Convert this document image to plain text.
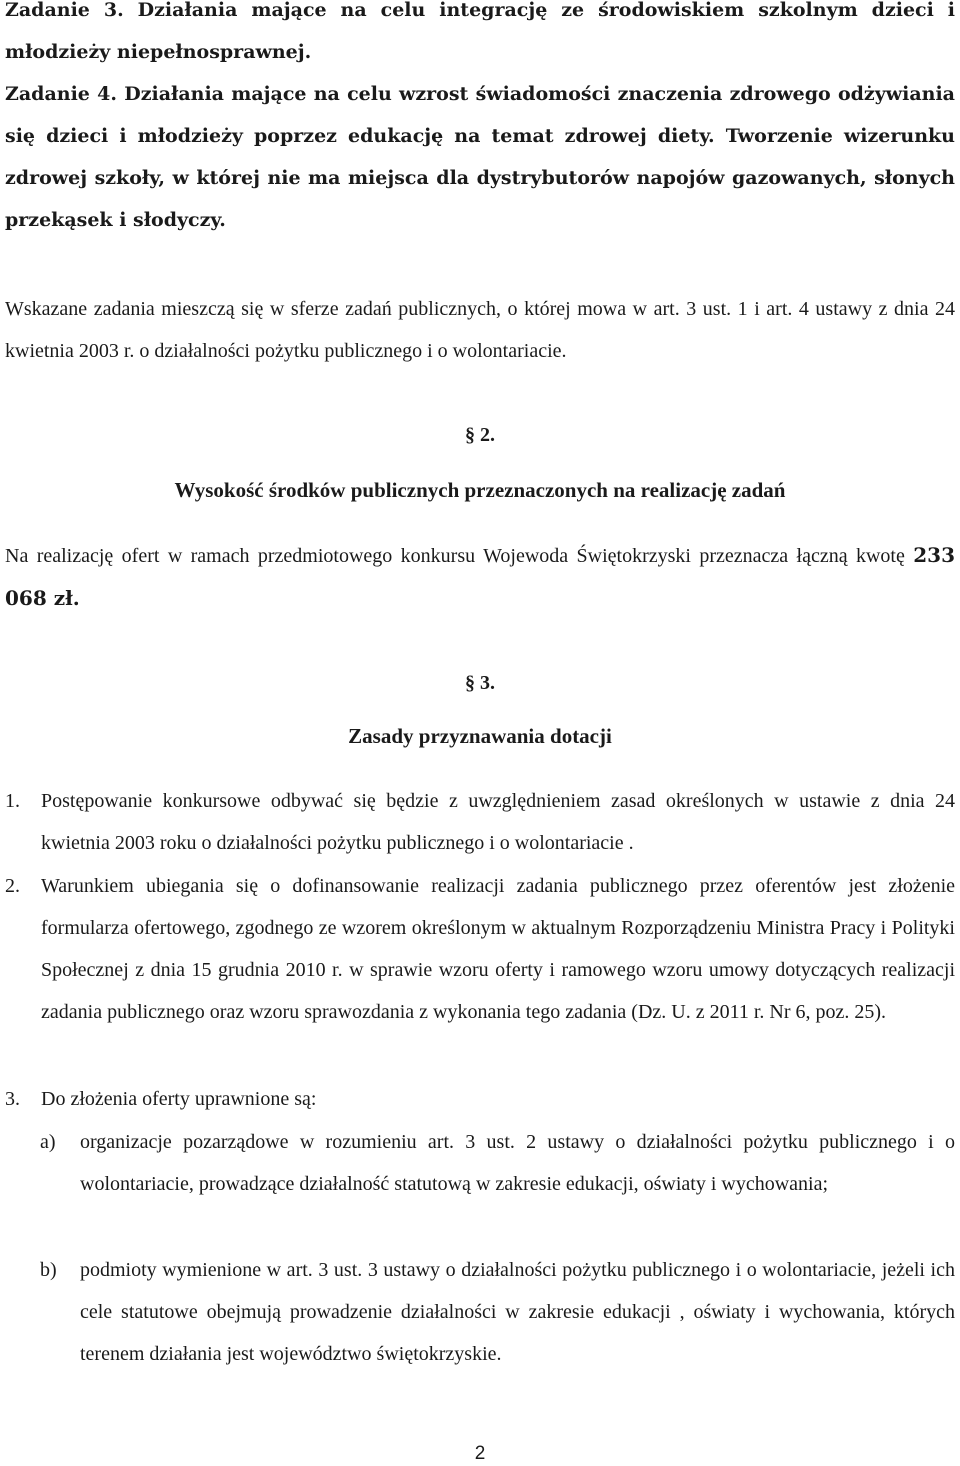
Zadanie 3. Działania mające na celu integrację ze środowiskiem szkolnym dzieci i młodzieży niepełnosprawnej.

Zadanie 4. Działania mające na celu wzrost świadomości znaczenia zdrowego odżywiania się dzieci i młodzieży poprzez edukację na temat zdrowej diety. Tworzenie wizerunku zdrowej szkoły, w której nie ma miejsca dla dystrybutorów napojów gazowanych, słonych przekąsek i słodyczy.

Wskazane zadania mieszczą się w sferze zadań publicznych, o której mowa w art. 3 ust. 1 i art. 4 ustawy z dnia 24 kwietnia 2003 r. o działalności pożytku publicznego i o wolontariacie.

§ 2.

Wysokość środków publicznych przeznaczonych na realizację zadań

Na realizację ofert w ramach przedmiotowego konkursu Wojewoda Świętokrzyski przeznacza łączną kwotę 233 068 zł.

§ 3.

Zasady przyznawania dotacji

1. Postępowanie konkursowe odbywać się będzie z uwzględnieniem zasad określonych w ustawie z dnia 24 kwietnia 2003 roku o działalności pożytku publicznego i o wolontariacie .

2. Warunkiem ubiegania się o dofinansowanie realizacji zadania publicznego przez oferentów jest złożenie formularza ofertowego, zgodnego ze wzorem określonym w aktualnym Rozporządzeniu Ministra Pracy i Polityki Społecznej z dnia 15 grudnia 2010 r. w sprawie wzoru oferty i ramowego wzoru umowy dotyczących realizacji zadania publicznego oraz wzoru sprawozdania z wykonania tego zadania (Dz. U. z 2011 r. Nr 6, poz. 25).

3. Do złożenia oferty uprawnione są:

a) organizacje pozarządowe w rozumieniu art. 3 ust. 2 ustawy o działalności pożytku publicznego i o wolontariacie, prowadzące działalność statutową w zakresie edukacji, oświaty i wychowania;

b) podmioty wymienione w art. 3 ust. 3 ustawy o działalności pożytku publicznego i o wolontariacie, jeżeli ich cele statutowe obejmują prowadzenie działalności w zakresie edukacji , oświaty i wychowania, których terenem działania jest województwo świętokrzyskie.

2
